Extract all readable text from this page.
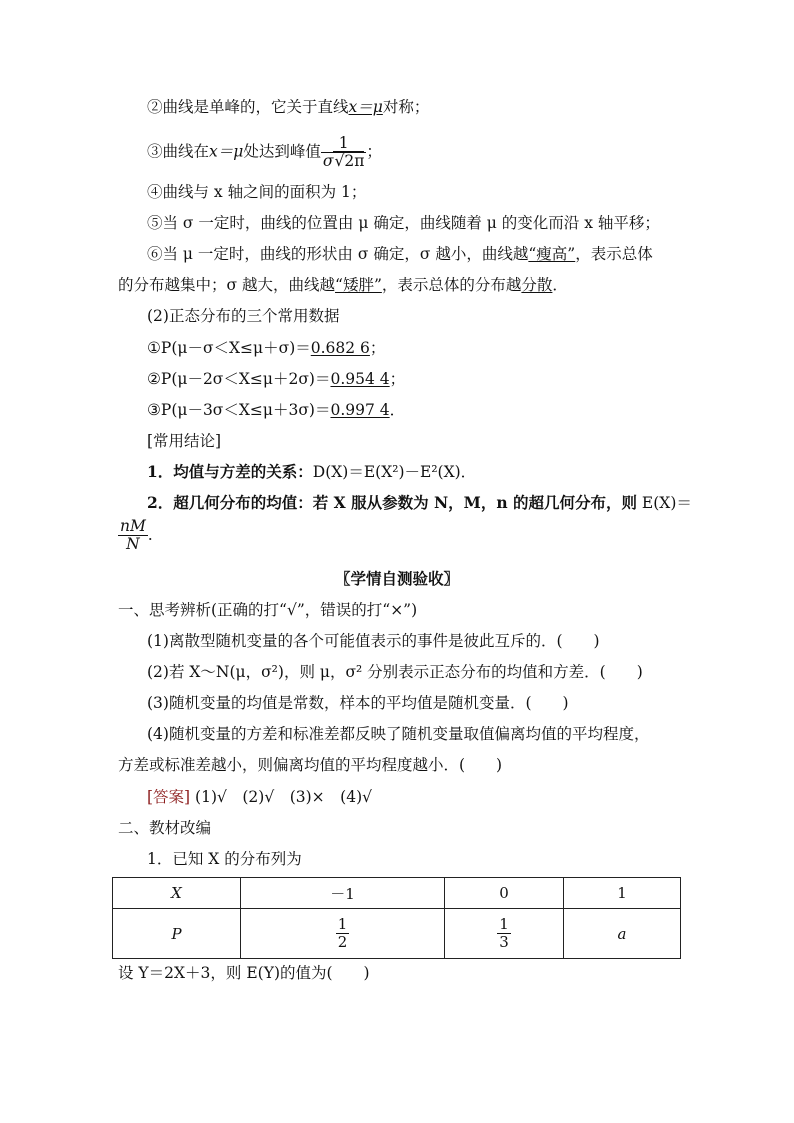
②曲线是单峰的，它关于直线x＝μ对称；
③曲线在x＝μ处达到峰值 $\frac{1}{\sigma√2\pi}$ ；
④曲线与 x 轴之间的面积为 1；
⑤当 σ 一定时，曲线的位置由 μ 确定，曲线随着 μ 的变化而沿 x 轴平移；
⑥当 μ 一定时，曲线的形状由 σ 确定，σ 越小，曲线越“瘦高”，表示总体
的分布越集中；σ 越大，曲线越“矮胖”，表示总体的分布越分散．
(2)正态分布的三个常用数据
①P(μ－σ＜X≤μ＋σ)＝0.682 6；
②P(μ－2σ＜X≤μ＋2σ)＝0.954 4；
③P(μ－3σ＜X≤μ＋3σ)＝0.997 4．
[常用结论]
1．均值与方差的关系：D(X)＝E(X²)－E²(X)．
2．超几何分布的均值：若 X 服从参数为 N，M，n 的超几何分布，则 E(X)＝
$\frac{nM}{N}$ ．
〖学情自测验收〗
一、思考辨析(正确的打“√”，错误的打“×”)
(1)离散型随机变量的各个可能值表示的事件是彼此互斥的．(　　)
(2)若 X～N(μ，σ²)，则 μ，σ² 分别表示正态分布的均值和方差．(　　)
(3)随机变量的均值是常数，样本的平均值是随机变量．(　　)
(4)随机变量的方差和标准差都反映了随机变量取值偏离均值的平均程度，
方差或标准差越小，则偏离均值的平均程度越小．(　　)
[答案] (1)√　(2)√　(3)×　(4)√
二、教材改编
1．已知 X 的分布列为
X	－1	0	1
P	$\frac{1}{2}$	$\frac{1}{3}$	a
设 Y＝2X＋3，则 E(Y)的值为(　　)
